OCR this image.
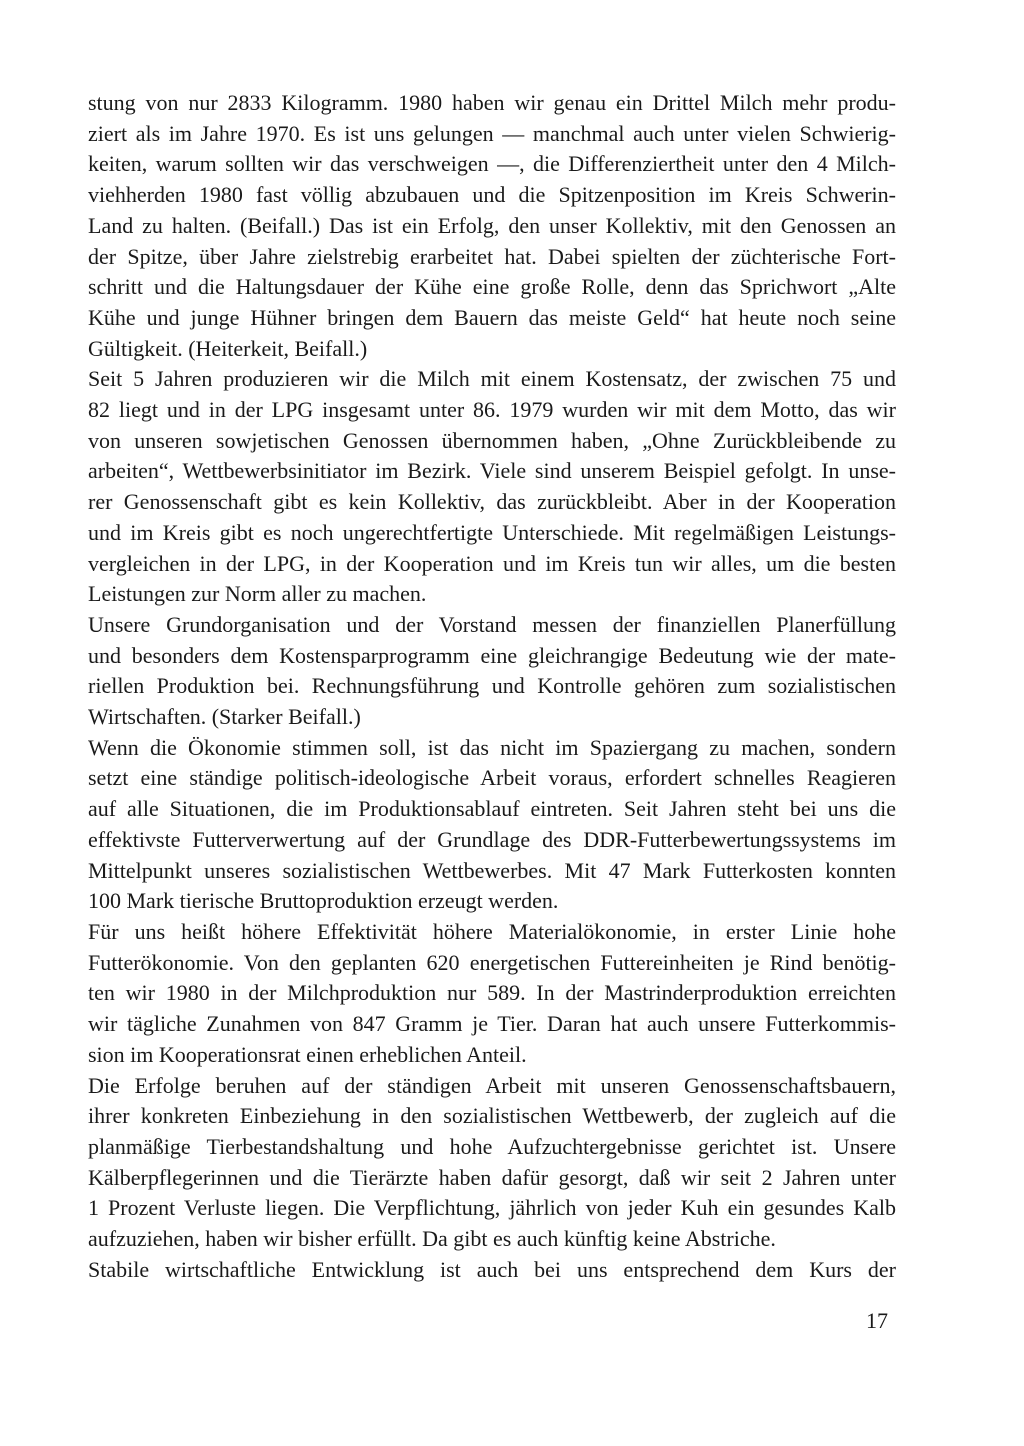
stung von nur 2833 Kilogramm. 1980 haben wir genau ein Drittel Milch mehr produ-
ziert als im Jahre 1970. Es ist uns gelungen — manchmal auch unter vielen Schwierig-
keiten, warum sollten wir das verschweigen —, die Differenziertheit unter den 4 Milch-
viehherden 1980 fast völlig abzubauen und die Spitzenposition im Kreis Schwerin-
Land zu halten. (Beifall.) Das ist ein Erfolg, den unser Kollektiv, mit den Genossen an
der Spitze, über Jahre zielstrebig erarbeitet hat. Dabei spielten der züchterische Fort-
schritt und die Haltungsdauer der Kühe eine große Rolle, denn das Sprichwort „Alte
Kühe und junge Hühner bringen dem Bauern das meiste Geld“ hat heute noch seine
Gültigkeit. (Heiterkeit, Beifall.)
Seit 5 Jahren produzieren wir die Milch mit einem Kostensatz, der zwischen 75 und
82 liegt und in der LPG insgesamt unter 86. 1979 wurden wir mit dem Motto, das wir
von unseren sowjetischen Genossen übernommen haben, „Ohne Zurückbleibende zu
arbeiten“, Wettbewerbsinitiator im Bezirk. Viele sind unserem Beispiel gefolgt. In unse-
rer Genossenschaft gibt es kein Kollektiv, das zurückbleibt. Aber in der Kooperation
und im Kreis gibt es noch ungerechtfertigte Unterschiede. Mit regelmäßigen Leistungs-
vergleichen in der LPG, in der Kooperation und im Kreis tun wir alles, um die besten
Leistungen zur Norm aller zu machen.
Unsere Grundorganisation und der Vorstand messen der finanziellen Planerfüllung
und besonders dem Kostensparprogramm eine gleichrangige Bedeutung wie der mate-
riellen Produktion bei. Rechnungsführung und Kontrolle gehören zum sozialistischen
Wirtschaften. (Starker Beifall.)
Wenn die Ökonomie stimmen soll, ist das nicht im Spaziergang zu machen, sondern
setzt eine ständige politisch-ideologische Arbeit voraus, erfordert schnelles Reagieren
auf alle Situationen, die im Produktionsablauf eintreten. Seit Jahren steht bei uns die
effektivste Futterverwertung auf der Grundlage des DDR-Futterbewertungssystems im
Mittelpunkt unseres sozialistischen Wettbewerbes. Mit 47 Mark Futterkosten konnten
100 Mark tierische Bruttoproduktion erzeugt werden.
Für uns heißt höhere Effektivität höhere Materialökonomie, in erster Linie hohe
Futterökonomie. Von den geplanten 620 energetischen Futtereinheiten je Rind benötig-
ten wir 1980 in der Milchproduktion nur 589. In der Mastrinderproduktion erreichten
wir tägliche Zunahmen von 847 Gramm je Tier. Daran hat auch unsere Futterkommis-
sion im Kooperationsrat einen erheblichen Anteil.
Die Erfolge beruhen auf der ständigen Arbeit mit unseren Genossenschaftsbauern,
ihrer konkreten Einbeziehung in den sozialistischen Wettbewerb, der zugleich auf die
planmäßige Tierbestandshaltung und hohe Aufzuchtergebnisse gerichtet ist. Unsere
Kälberpflegerinnen und die Tierärzte haben dafür gesorgt, daß wir seit 2 Jahren unter
1 Prozent Verluste liegen. Die Verpflichtung, jährlich von jeder Kuh ein gesundes Kalb
aufzuziehen, haben wir bisher erfüllt. Da gibt es auch künftig keine Abstriche.
Stabile wirtschaftliche Entwicklung ist auch bei uns entsprechend dem Kurs der
17
